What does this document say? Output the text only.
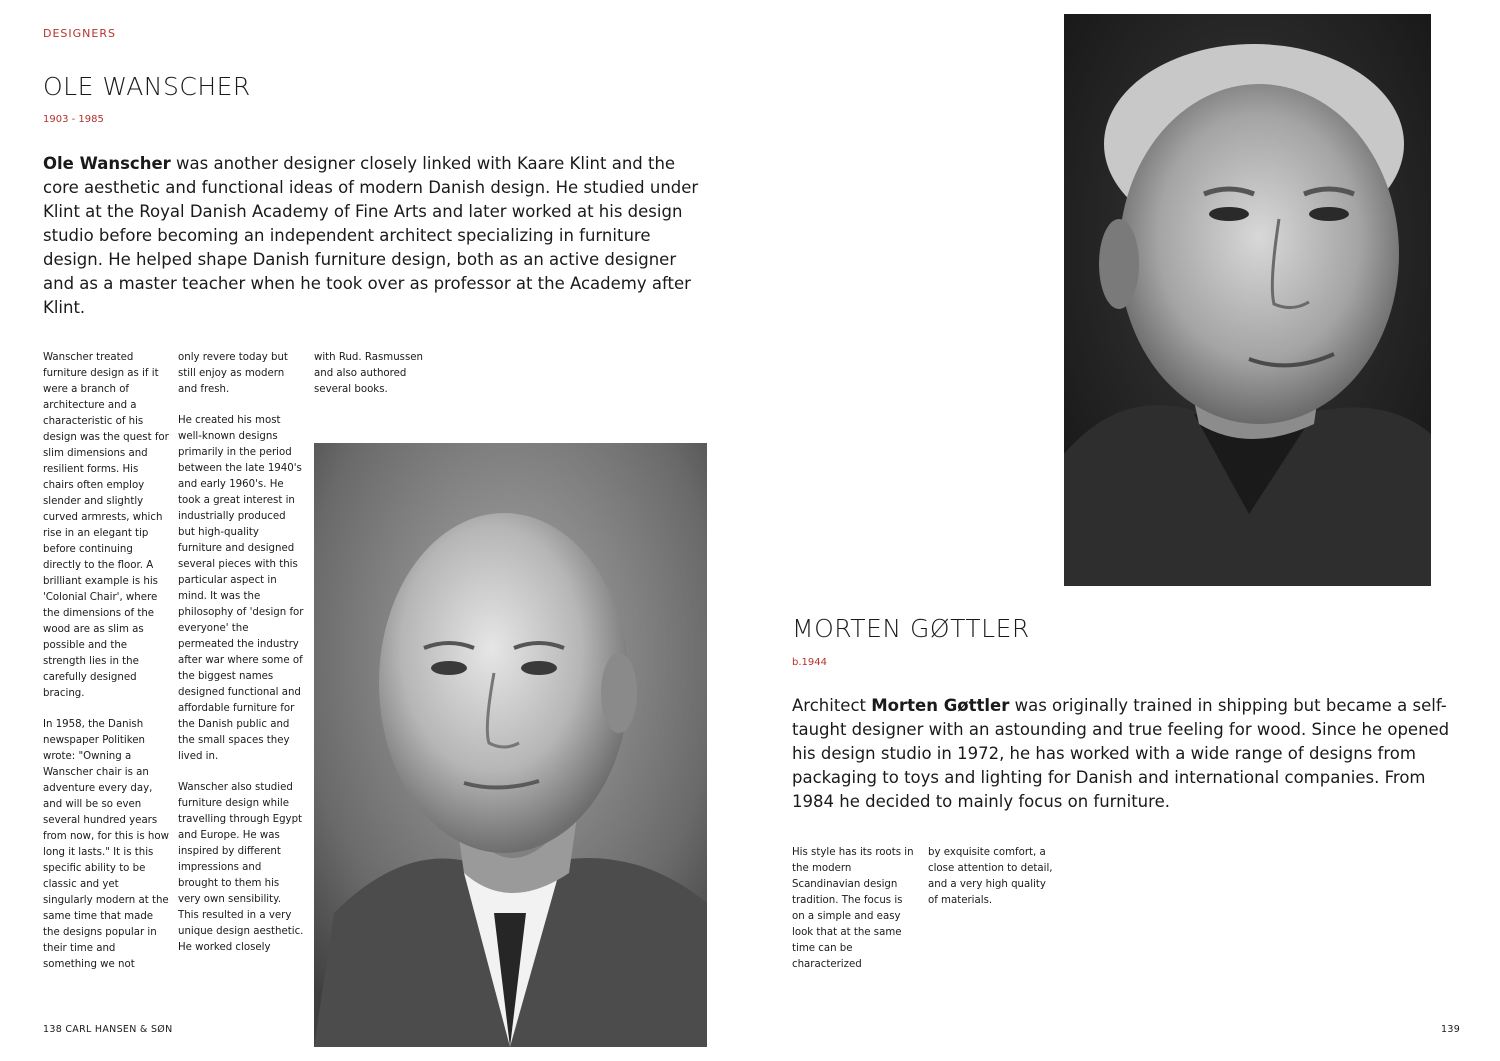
DESIGNERS
OLE WANSCHER
1903 - 1985
Ole Wanscher was another designer closely linked with Kaare Klint and the core aesthetic and functional ideas of modern Danish design. He studied under Klint at the Royal Danish Academy of Fine Arts and later worked at his design studio before becoming an independent architect specializing in furniture design. He helped shape Danish furniture design, both as an active designer and as a master teacher when he took over as professor at the Academy after Klint.

Wanscher treated furniture design as if it were a branch of architecture and a characteristic of his design was the quest for slim dimensions and resilient forms. His chairs often employ slender and slightly curved armrests, which rise in an elegant tip before continuing directly to the floor. A brilliant example is his 'Colonial Chair', where the dimensions of the wood are as slim as possible and the strength lies in the carefully designed bracing.

In 1958, the Danish newspaper Politiken wrote: "Owning a Wanscher chair is an adventure every day, and will be so even several hundred years from now, for this is how long it lasts." It is this specific ability to be classic and yet singularly modern at the same time that made the designs popular in their time and something we not

only revere today but still enjoy as modern and fresh.

He created his most well-known designs primarily in the period between the late 1940's and early 1960's. He took a great interest in industrially produced but high-quality furniture and designed several pieces with this particular aspect in mind. It was the philosophy of 'design for everyone' the permeated the industry after war where some of the biggest names designed functional and affordable furniture for the Danish public and the small spaces they lived in.

Wanscher also studied furniture design while travelling through Egypt and Europe. He was inspired by different impressions and brought to them his very own sensibility. This resulted in a very unique design aesthetic. He worked closely

with Rud. Rasmussen and also authored several books.

138 CARL HANSEN & SØN
MORTEN GØTTLER
b.1944
Architect Morten Gøttler was originally trained in shipping but became a self-taught designer with an astounding and true feeling for wood. Since he opened his design studio in 1972, he has worked with a wide range of designs from packaging to toys and lighting for Danish and international companies. From 1984 he decided to mainly focus on furniture.

His style has its roots in the modern Scandinavian design tradition. The focus is on a simple and easy look that at the same time can be characterized

by exquisite comfort, a close attention to detail, and a very high quality of materials.

139
